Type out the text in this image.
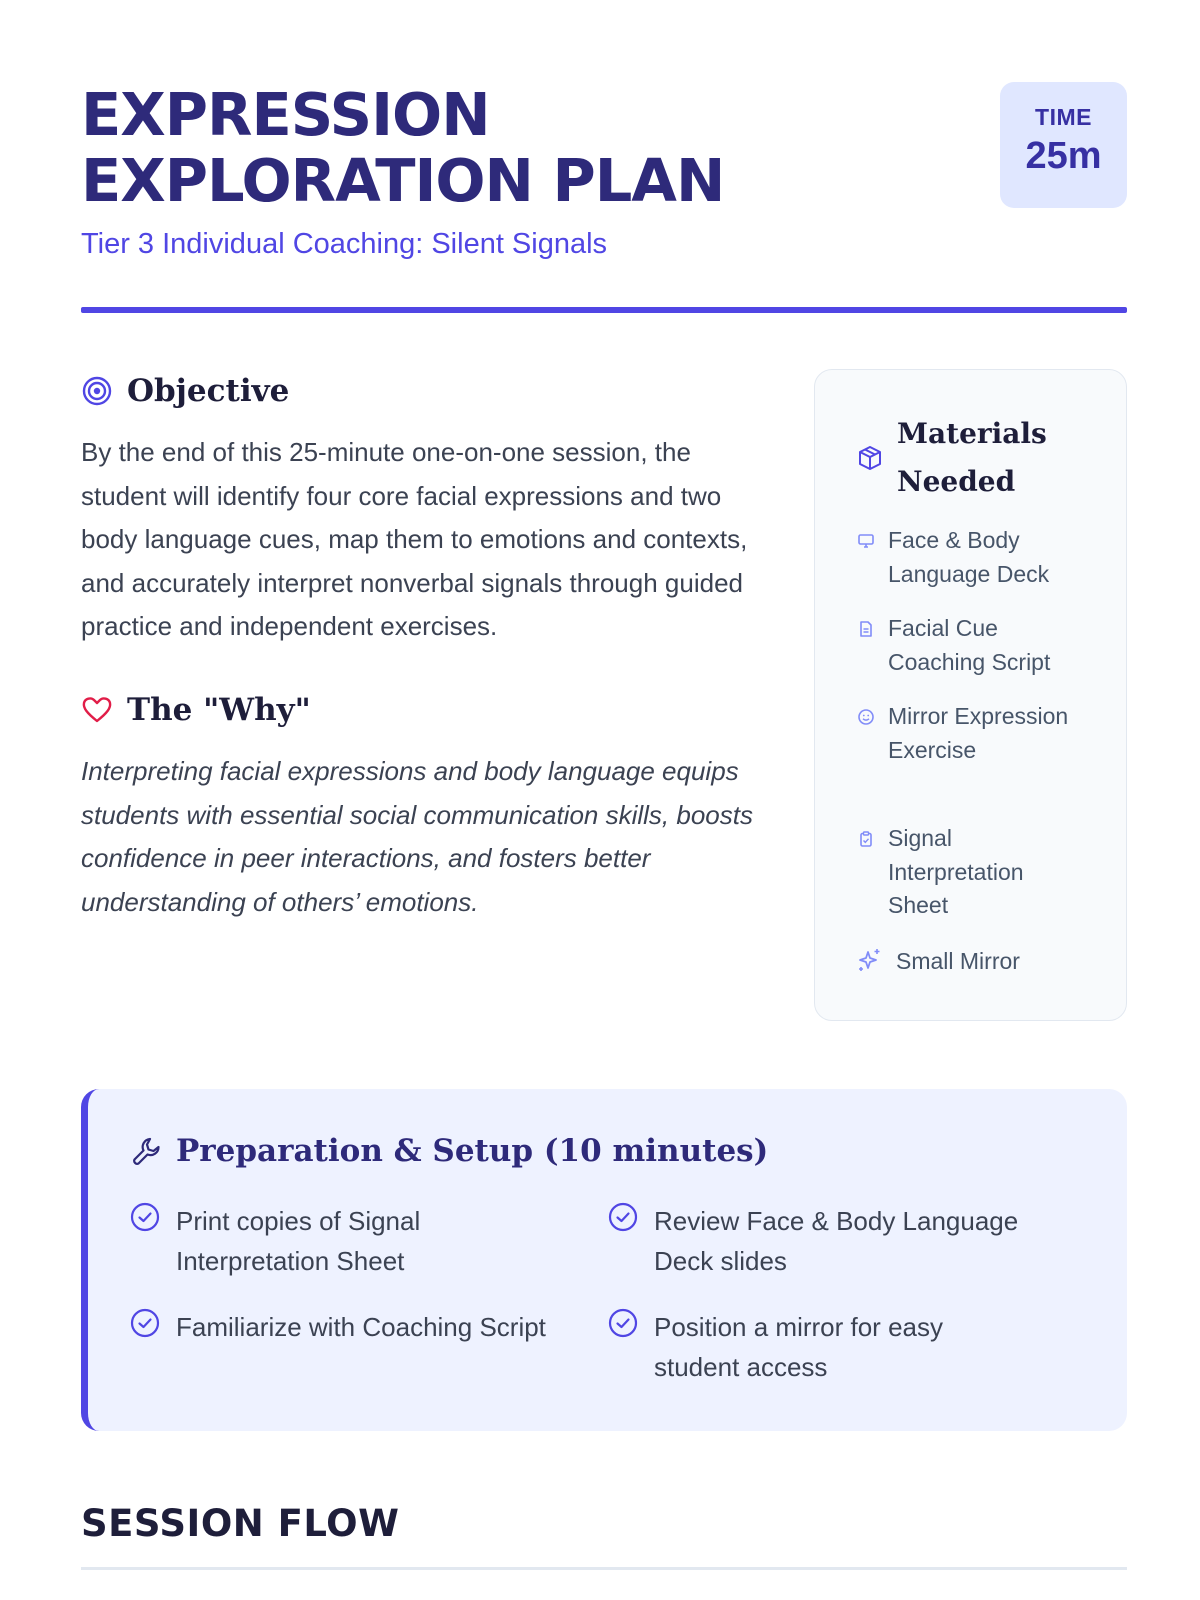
EXPRESSION EXPLORATION PLAN
Tier 3 Individual Coaching: Silent Signals
TIME
25m
Objective

By the end of this 25-minute one-on-one session, the student will identify four core facial expressions and two body language cues, map them to emotions and contexts, and accurately interpret nonverbal signals through guided practice and independent exercises.

The "Why"

Interpreting facial expressions and body language equips students with essential social communication skills, boosts confidence in peer interactions, and fosters better understanding of others’ emotions.

Materials Needed
Face & Body Language Deck
Facial Cue Coaching Script
Mirror Expression Exercise
Signal Interpretation Sheet
Small Mirror
Preparation & Setup (10 minutes)
Print copies of Signal Interpretation Sheet
Review Face & Body Language Deck slides
Familiarize with Coaching Script	Position a mirror for easy student access
SESSION FLOW
